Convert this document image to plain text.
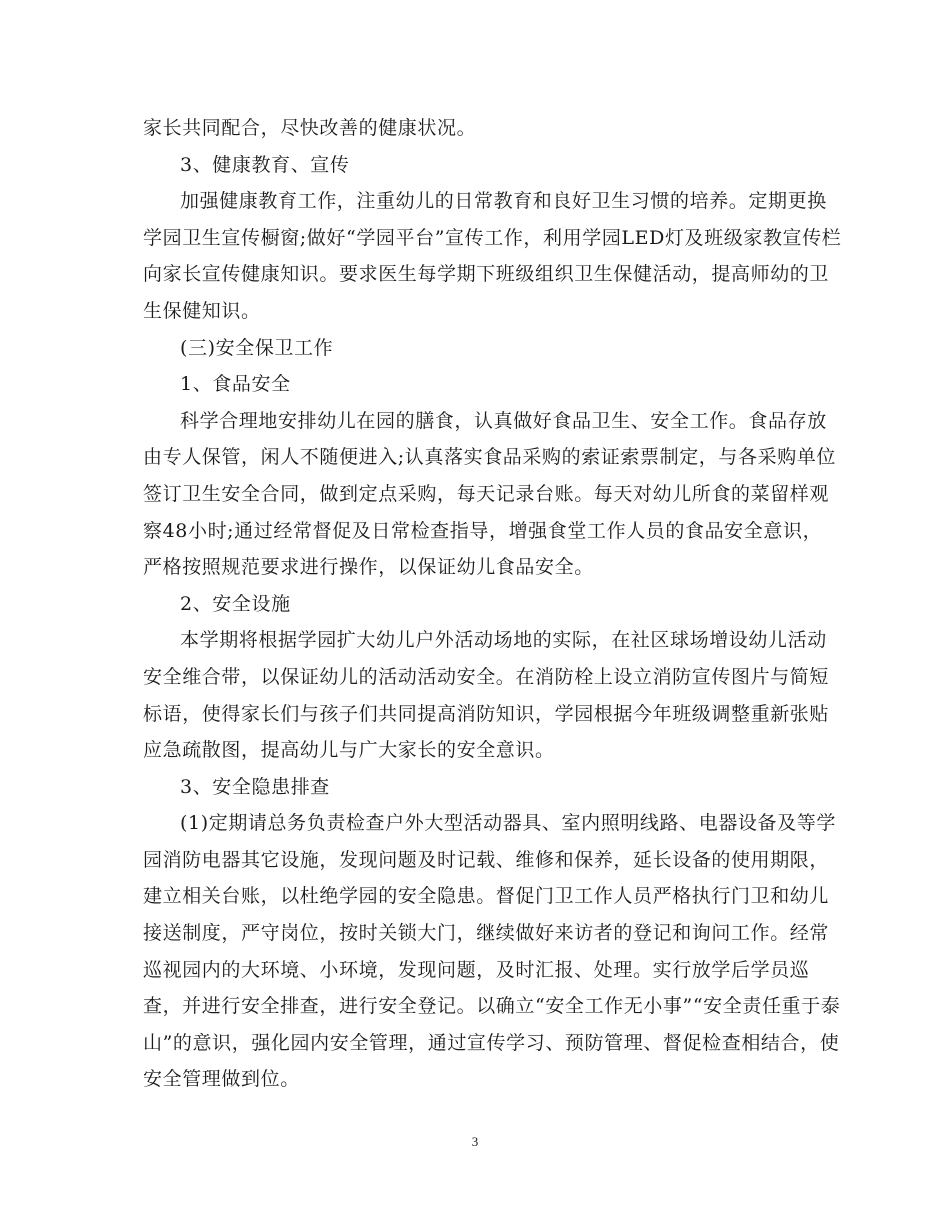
家长共同配合，尽快改善的健康状况。
3、健康教育、宣传
加强健康教育工作，注重幼儿的日常教育和良好卫生习惯的培养。定期更换
学园卫生宣传橱窗;做好“学园平台”宣传工作，利用学园LED灯及班级家教宣传栏
向家长宣传健康知识。要求医生每学期下班级组织卫生保健活动，提高师幼的卫
生保健知识。
(三)安全保卫工作
1、食品安全
科学合理地安排幼儿在园的膳食，认真做好食品卫生、安全工作。食品存放
由专人保管，闲人不随便进入;认真落实食品采购的索证索票制定，与各采购单位
签订卫生安全合同，做到定点采购，每天记录台账。每天对幼儿所食的菜留样观
察48小时;通过经常督促及日常检查指导，增强食堂工作人员的食品安全意识，
严格按照规范要求进行操作，以保证幼儿食品安全。
2、安全设施
本学期将根据学园扩大幼儿户外活动场地的实际，在社区球场增设幼儿活动
安全维合带，以保证幼儿的活动活动安全。在消防栓上设立消防宣传图片与简短
标语，使得家长们与孩子们共同提高消防知识，学园根据今年班级调整重新张贴
应急疏散图，提高幼儿与广大家长的安全意识。
3、安全隐患排查
(1)定期请总务负责检查户外大型活动器具、室内照明线路、电器设备及等学
园消防电器其它设施，发现问题及时记载、维修和保养，延长设备的使用期限，
建立相关台账，以杜绝学园的安全隐患。督促门卫工作人员严格执行门卫和幼儿
接送制度，严守岗位，按时关锁大门，继续做好来访者的登记和询问工作。经常
巡视园内的大环境、小环境，发现问题，及时汇报、处理。实行放学后学员巡
查，并进行安全排查，进行安全登记。以确立“安全工作无小事”“安全责任重于泰
山”的意识，强化园内安全管理，通过宣传学习、预防管理、督促检查相结合，使
安全管理做到位。
3
